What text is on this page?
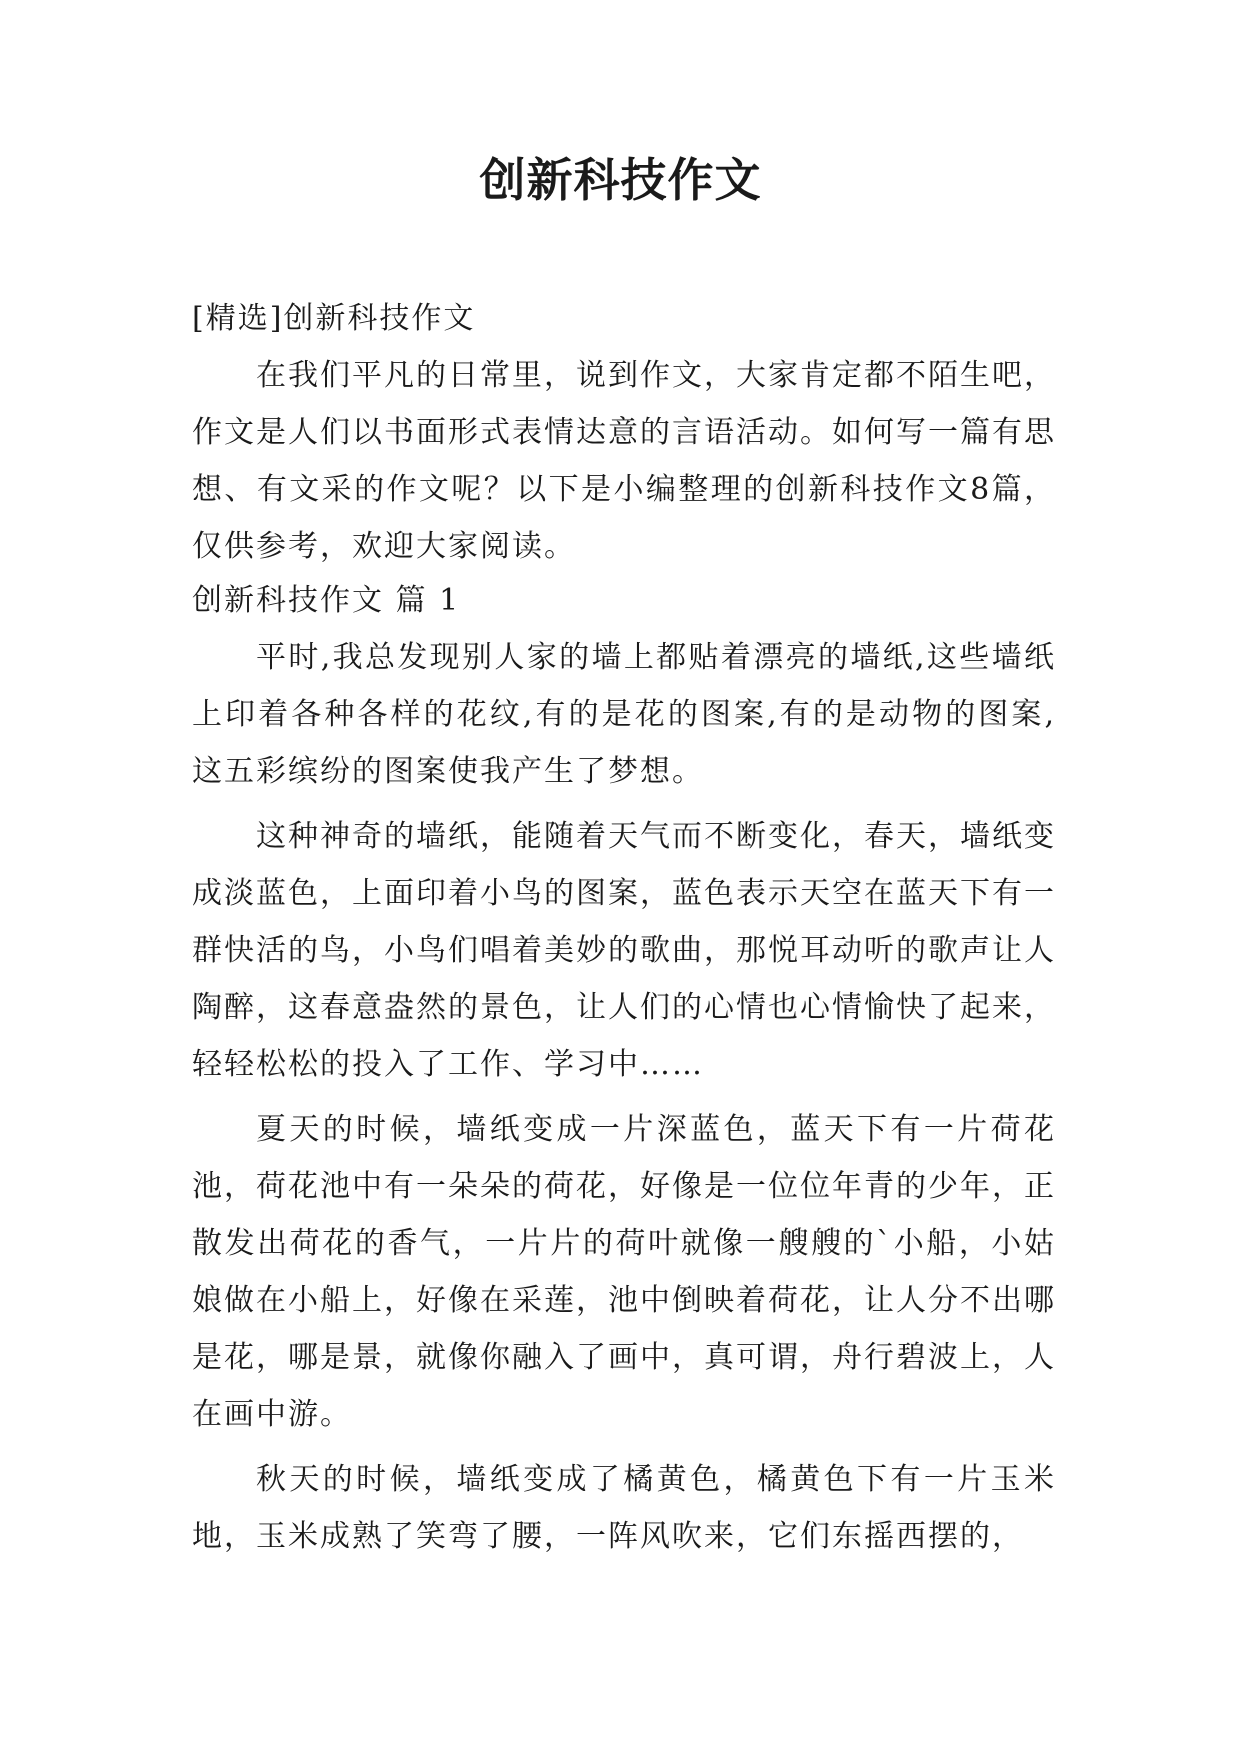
创新科技作文

[精选]创新科技作文

在我们平凡的日常里，说到作文，大家肯定都不陌生吧，作文是人们以书面形式表情达意的言语活动。如何写一篇有思想、有文采的作文呢？以下是小编整理的创新科技作文8篇，仅供参考，欢迎大家阅读。

创新科技作文 篇 1

平时,我总发现别人家的墙上都贴着漂亮的墙纸,这些墙纸上印着各种各样的花纹,有的是花的图案,有的是动物的图案,这五彩缤纷的图案使我产生了梦想。

这种神奇的墙纸，能随着天气而不断变化，春天，墙纸变成淡蓝色，上面印着小鸟的图案，蓝色表示天空在蓝天下有一群快活的鸟，小鸟们唱着美妙的歌曲，那悦耳动听的歌声让人陶醉，这春意盎然的景色，让人们的心情也心情愉快了起来，轻轻松松的投入了工作、学习中……

夏天的时候，墙纸变成一片深蓝色，蓝天下有一片荷花池，荷花池中有一朵朵的荷花，好像是一位位年青的少年，正散发出荷花的香气，一片片的荷叶就像一艘艘的`小船，小姑娘做在小船上，好像在采莲，池中倒映着荷花，让人分不出哪是花，哪是景，就像你融入了画中，真可谓，舟行碧波上，人在画中游。

秋天的时候，墙纸变成了橘黄色，橘黄色下有一片玉米地，玉米成熟了笑弯了腰，一阵风吹来，它们东摇西摆的，
